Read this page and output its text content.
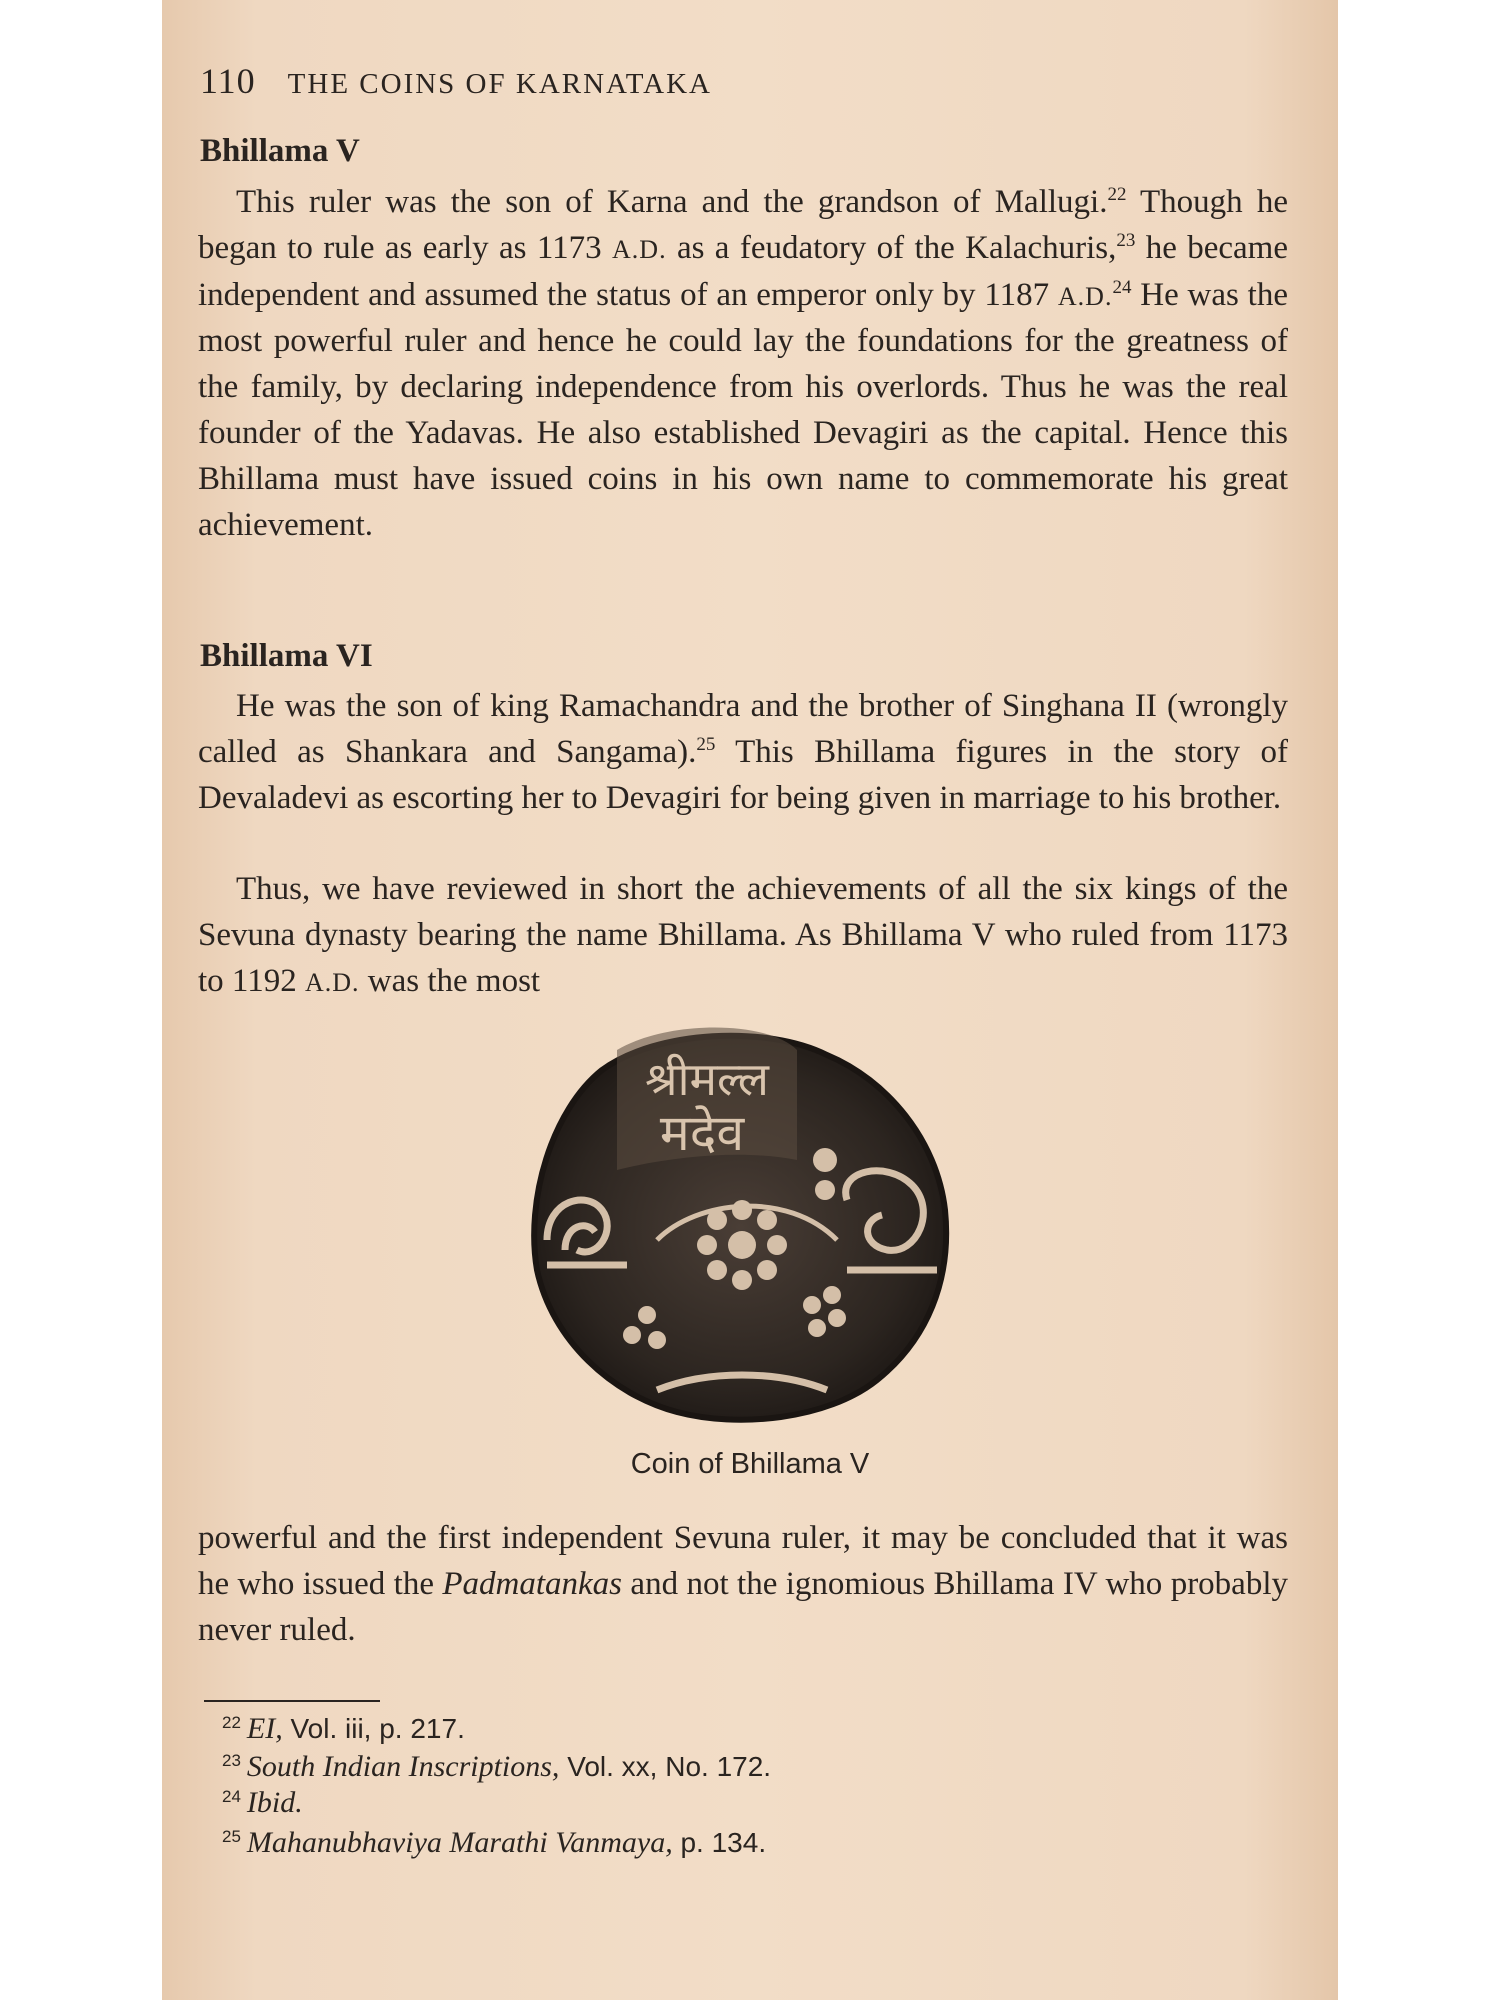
110 THE COINS OF KARNATAKA
Bhillama V

This ruler was the son of Karna and the grandson of Mallugi.$^{22}$ Though he began to rule as early as 1173 A.D. as a feudatory of the Kalachuris,$^{23}$ he became independent and assumed the status of an emperor only by 1187 A.D.$^{24}$ He was the most powerful ruler and hence he could lay the foundations for the greatness of the family, by declaring independence from his overlords. Thus he was the real founder of the Yadavas. He also established Devagiri as the capital. Hence this Bhillama must have issued coins in his own name to commemorate his great achievement.

Bhillama VI

He was the son of king Ramachandra and the brother of Singhana II (wrongly called as Shankara and Sangama).$^{25}$ This Bhillama figures in the story of Devaladevi as escorting her to Devagiri for being given in marriage to his brother.

Thus, we have reviewed in short the achievements of all the six kings of the Sevuna dynasty bearing the name Bhillama. As Bhillama V who ruled from 1173 to 1192 A.D. was the most

श्रीमल्ल
मदेव
Coin of Bhillama V

powerful and the first independent Sevuna ruler, it may be concluded that it was he who issued the Padmatankas and not the ignomious Bhillama IV who probably never ruled.

$^{22}$ EI, Vol. iii, p. 217.
$^{23}$ South Indian Inscriptions, Vol. xx, No. 172.
$^{24}$ Ibid.
$^{25}$ Mahanubhaviya Marathi Vanmaya, p. 134.
